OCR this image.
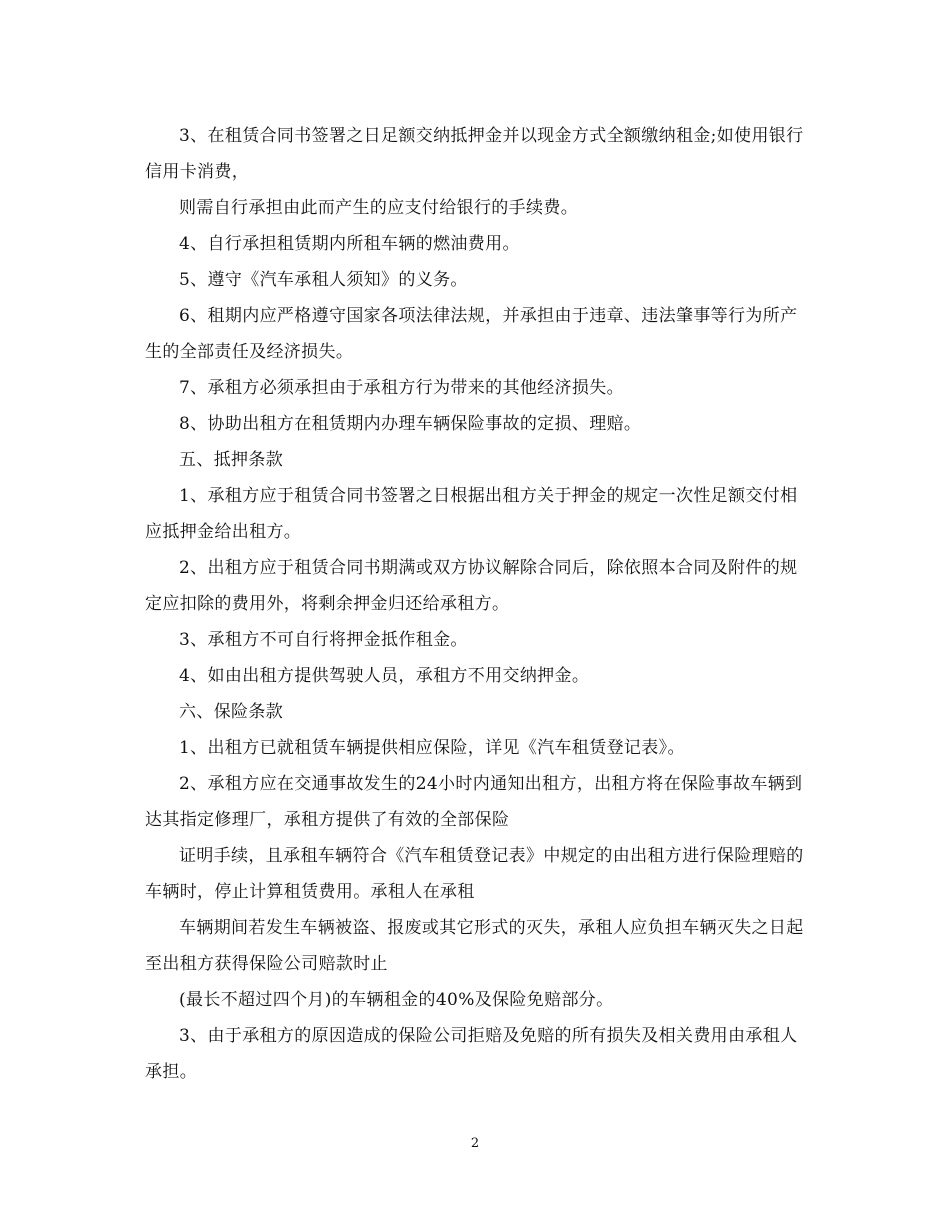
3、在租赁合同书签署之日足额交纳抵押金并以现金方式全额缴纳租金;如使用银行信用卡消费，

则需自行承担由此而产生的应支付给银行的手续费。

4、自行承担租赁期内所租车辆的燃油费用。

5、遵守《汽车承租人须知》的义务。

6、租期内应严格遵守国家各项法律法规，并承担由于违章、违法肇事等行为所产生的全部责任及经济损失。

7、承租方必须承担由于承租方行为带来的其他经济损失。

8、协助出租方在租赁期内办理车辆保险事故的定损、理赔。

五、抵押条款

1、承租方应于租赁合同书签署之日根据出租方关于押金的规定一次性足额交付相应抵押金给出租方。

2、出租方应于租赁合同书期满或双方协议解除合同后，除依照本合同及附件的规定应扣除的费用外，将剩余押金归还给承租方。

3、承租方不可自行将押金抵作租金。

4、如由出租方提供驾驶人员，承租方不用交纳押金。

六、保险条款

1、出租方已就租赁车辆提供相应保险，详见《汽车租赁登记表》。

2、承租方应在交通事故发生的24小时内通知出租方，出租方将在保险事故车辆到达其指定修理厂，承租方提供了有效的全部保险

证明手续，且承租车辆符合《汽车租赁登记表》中规定的由出租方进行保险理赔的车辆时，停止计算租赁费用。承租人在承租

车辆期间若发生车辆被盗、报废或其它形式的灭失，承租人应负担车辆灭失之日起至出租方获得保险公司赔款时止

(最长不超过四个月)的车辆租金的40%及保险免赔部分。

3、由于承租方的原因造成的保险公司拒赔及免赔的所有损失及相关费用由承租人承担。

2
